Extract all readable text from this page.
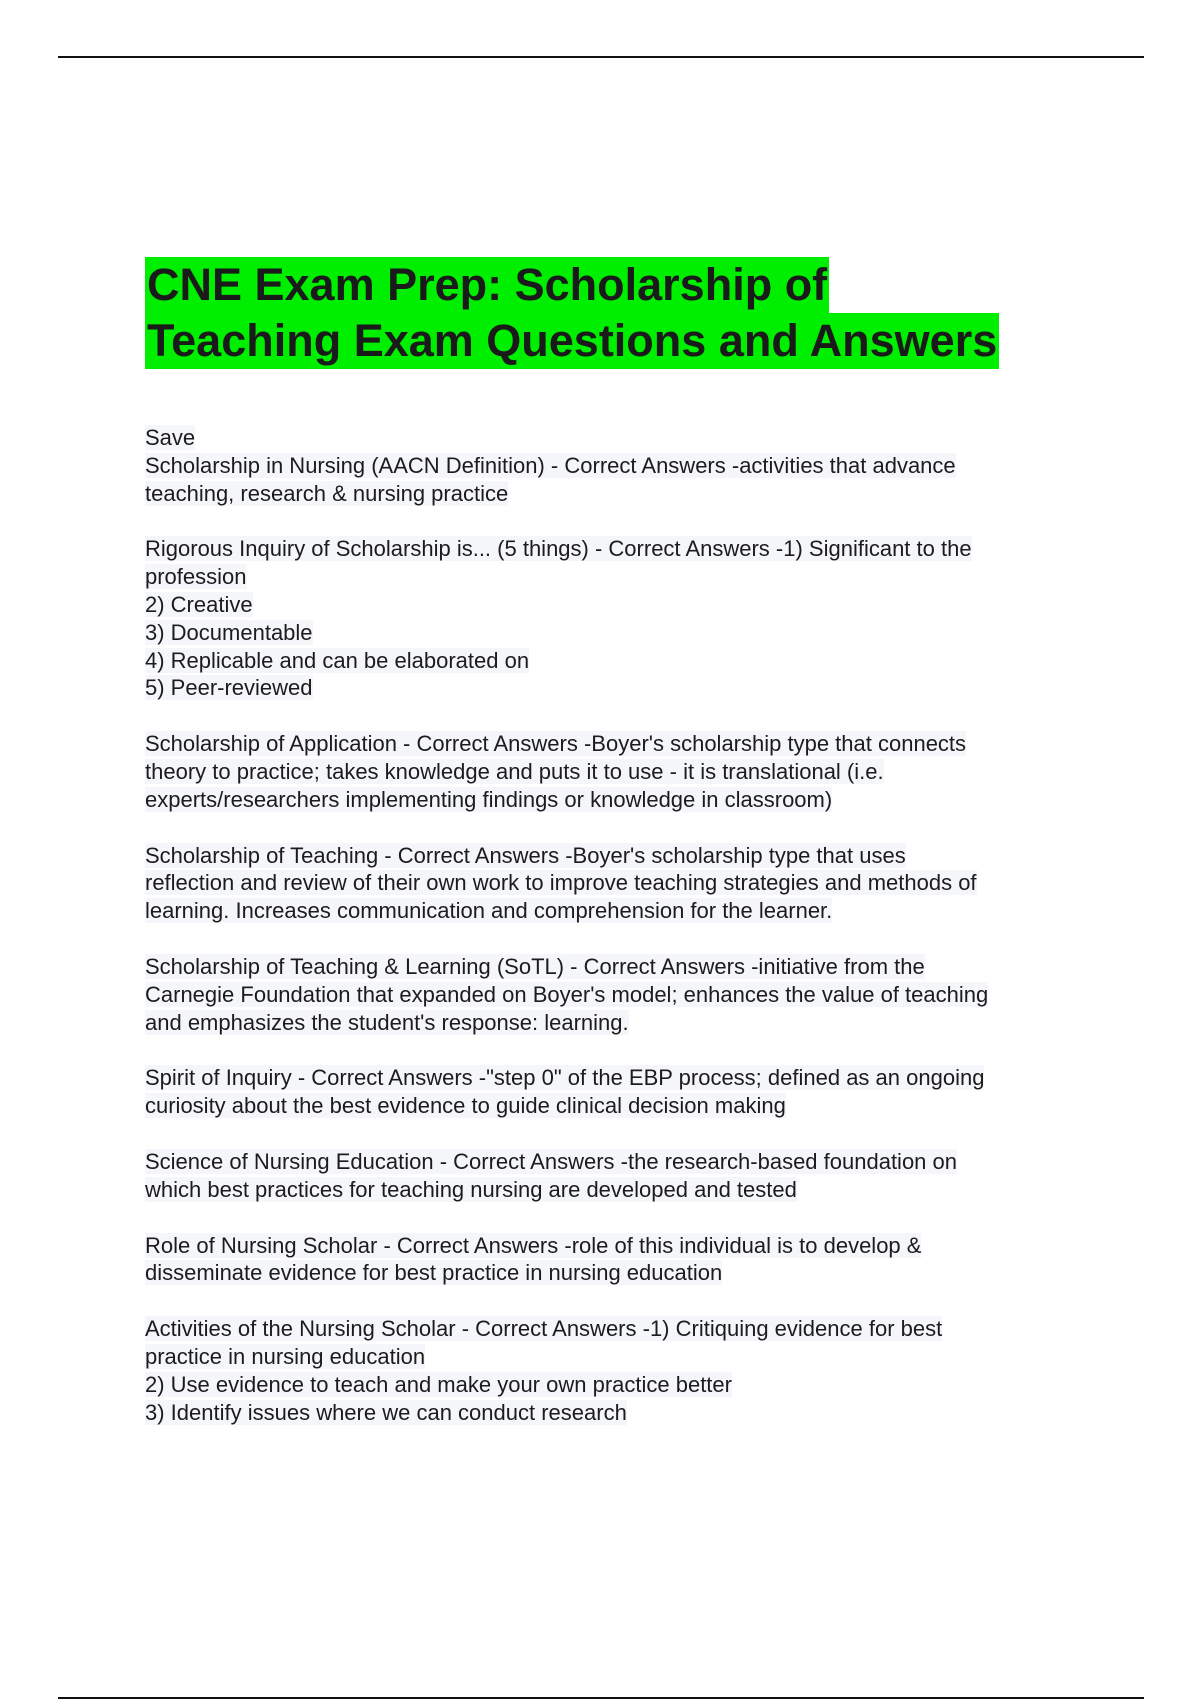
CNE Exam Prep: Scholarship of
Teaching Exam Questions and Answers
Save
Scholarship in Nursing (AACN Definition) - Correct Answers -activities that advance
teaching, research & nursing practice
Rigorous Inquiry of Scholarship is... (5 things) - Correct Answers -1) Significant to the
profession
2) Creative
3) Documentable
4) Replicable and can be elaborated on
5) Peer-reviewed
Scholarship of Application - Correct Answers -Boyer's scholarship type that connects
theory to practice; takes knowledge and puts it to use - it is translational (i.e.
experts/researchers implementing findings or knowledge in classroom)
Scholarship of Teaching - Correct Answers -Boyer's scholarship type that uses
reflection and review of their own work to improve teaching strategies and methods of
learning. Increases communication and comprehension for the learner.
Scholarship of Teaching & Learning (SoTL) - Correct Answers -initiative from the
Carnegie Foundation that expanded on Boyer's model; enhances the value of teaching
and emphasizes the student's response: learning.
Spirit of Inquiry - Correct Answers -"step 0" of the EBP process; defined as an ongoing
curiosity about the best evidence to guide clinical decision making
Science of Nursing Education - Correct Answers -the research-based foundation on
which best practices for teaching nursing are developed and tested
Role of Nursing Scholar - Correct Answers -role of this individual is to develop &
disseminate evidence for best practice in nursing education
Activities of the Nursing Scholar - Correct Answers -1) Critiquing evidence for best
practice in nursing education
2) Use evidence to teach and make your own practice better
3) Identify issues where we can conduct research
